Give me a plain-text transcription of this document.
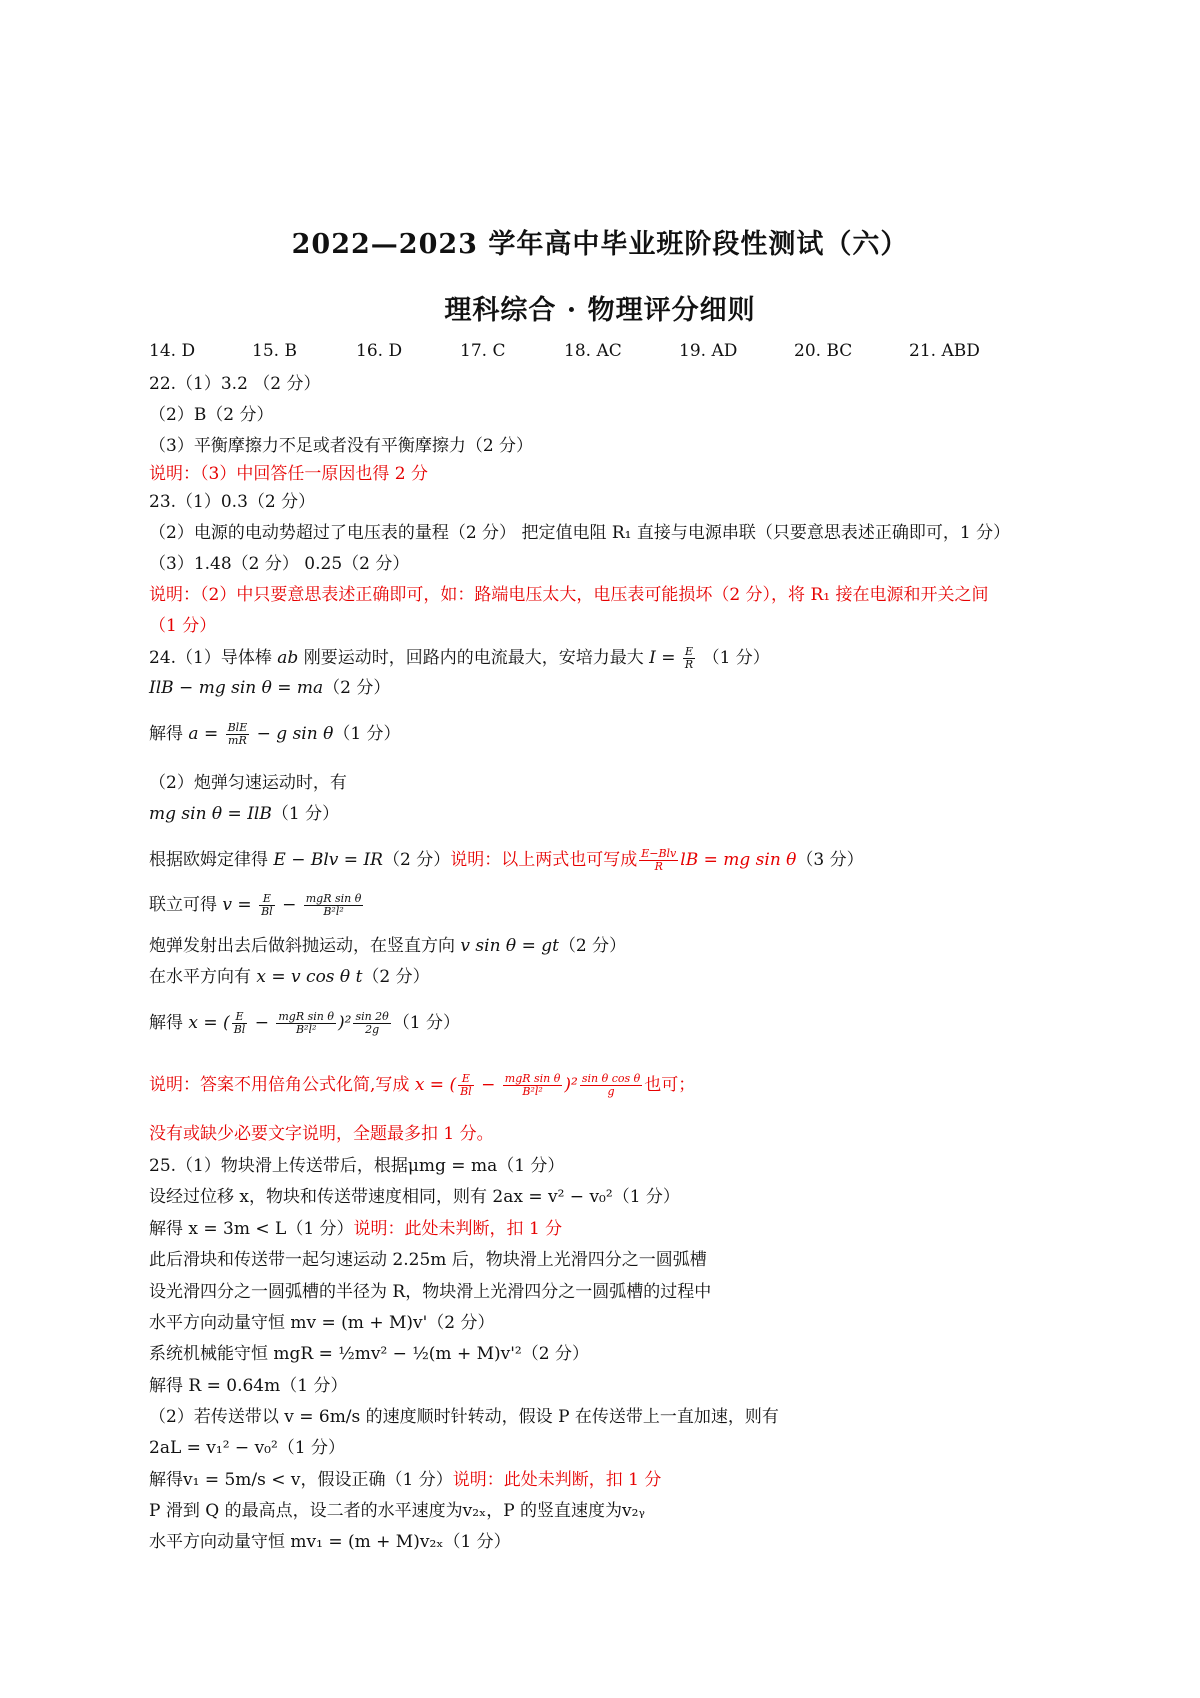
2022—2023 学年高中毕业班阶段性测试（六）
理科综合 · 物理评分细则
14. D	15. B	16. D	17. C	18. AC	19. AD	20. BC	21. ABD
22.（1）3.2 （2 分）
（2）B（2 分）
（3）平衡摩擦力不足或者没有平衡摩擦力（2 分）
说明：（3）中回答任一原因也得 2 分
23.（1）0.3（2 分）
（2）电源的电动势超过了电压表的量程（2 分） 把定值电阻 R₁ 直接与电源串联（只要意思表述正确即可，1 分）
（3）1.48（2 分） 0.25（2 分）
说明：（2）中只要意思表述正确即可，如：路端电压太大，电压表可能损坏（2 分），将 R₁ 接在电源和开关之间
（1 分）
24.（1）导体棒 ab 刚要运动时，回路内的电流最大，安培力最大 $I = \frac{E}{R} (1$ 分）
IlB − mg sin θ = ma（2 分）
解得 $a = \frac{\text{BlE}}{mR} - g$ sin θ（1 分）
（2）炮弹匀速运动时，有
mg sin θ = IlB（1 分）
根据欧姆定律得 E − Blv = IR（2 分）说明：以上两式也可写成 $\frac{\text{E−Blv}}{R}$ lB = mg sin θ（3 分）
联立可得 $v = \frac{E}{Bl} - \frac{\text{mgR sin θ}}{\text{B²l²}}$
炮弹发射出去后做斜抛运动，在竖直方向 v sin θ = gt（2 分）
在水平方向有 x = v cos θ t（2 分）
解得 x = ( $\frac{E}{Bl} - \frac{\text{mgR sin θ}}{\text{B²l²}} )^2 \frac{\sin 2\theta}{2g} (1$ 分）
说明：答案不用倍角公式化简,写成 x = ( $\frac{E}{Bl} - \frac{\text{mgR sin θ}}{\text{B²l²}} )^2 \frac{\text{sin θ cos θ}}{g}$ 也可；
没有或缺少必要文字说明，全题最多扣 1 分。
25.（1）物块滑上传送带后，根据μmg = ma（1 分）
设经过位移 x，物块和传送带速度相同，则有 2ax = v² − v₀²（1 分）
解得 x = 3m < L（1 分）说明：此处未判断，扣 1 分
此后滑块和传送带一起匀速运动 2.25m 后，物块滑上光滑四分之一圆弧槽
设光滑四分之一圆弧槽的半径为 R，物块滑上光滑四分之一圆弧槽的过程中
水平方向动量守恒 mv = (m + M)v'（2 分）
系统机械能守恒 mgR = ½mv² − ½(m + M)v'²（2 分）
解得 R = 0.64m（1 分）
（2）若传送带以 v = 6m/s 的速度顺时针转动，假设 P 在传送带上一直加速，则有
2aL = v₁² − v₀²（1 分）
解得v₁ = 5m/s < v，假设正确（1 分）说明：此处未判断，扣 1 分
P 滑到 Q 的最高点，设二者的水平速度为v₂ₓ，P 的竖直速度为v₂ᵧ
水平方向动量守恒 mv₁ = (m + M)v₂ₓ（1 分）
